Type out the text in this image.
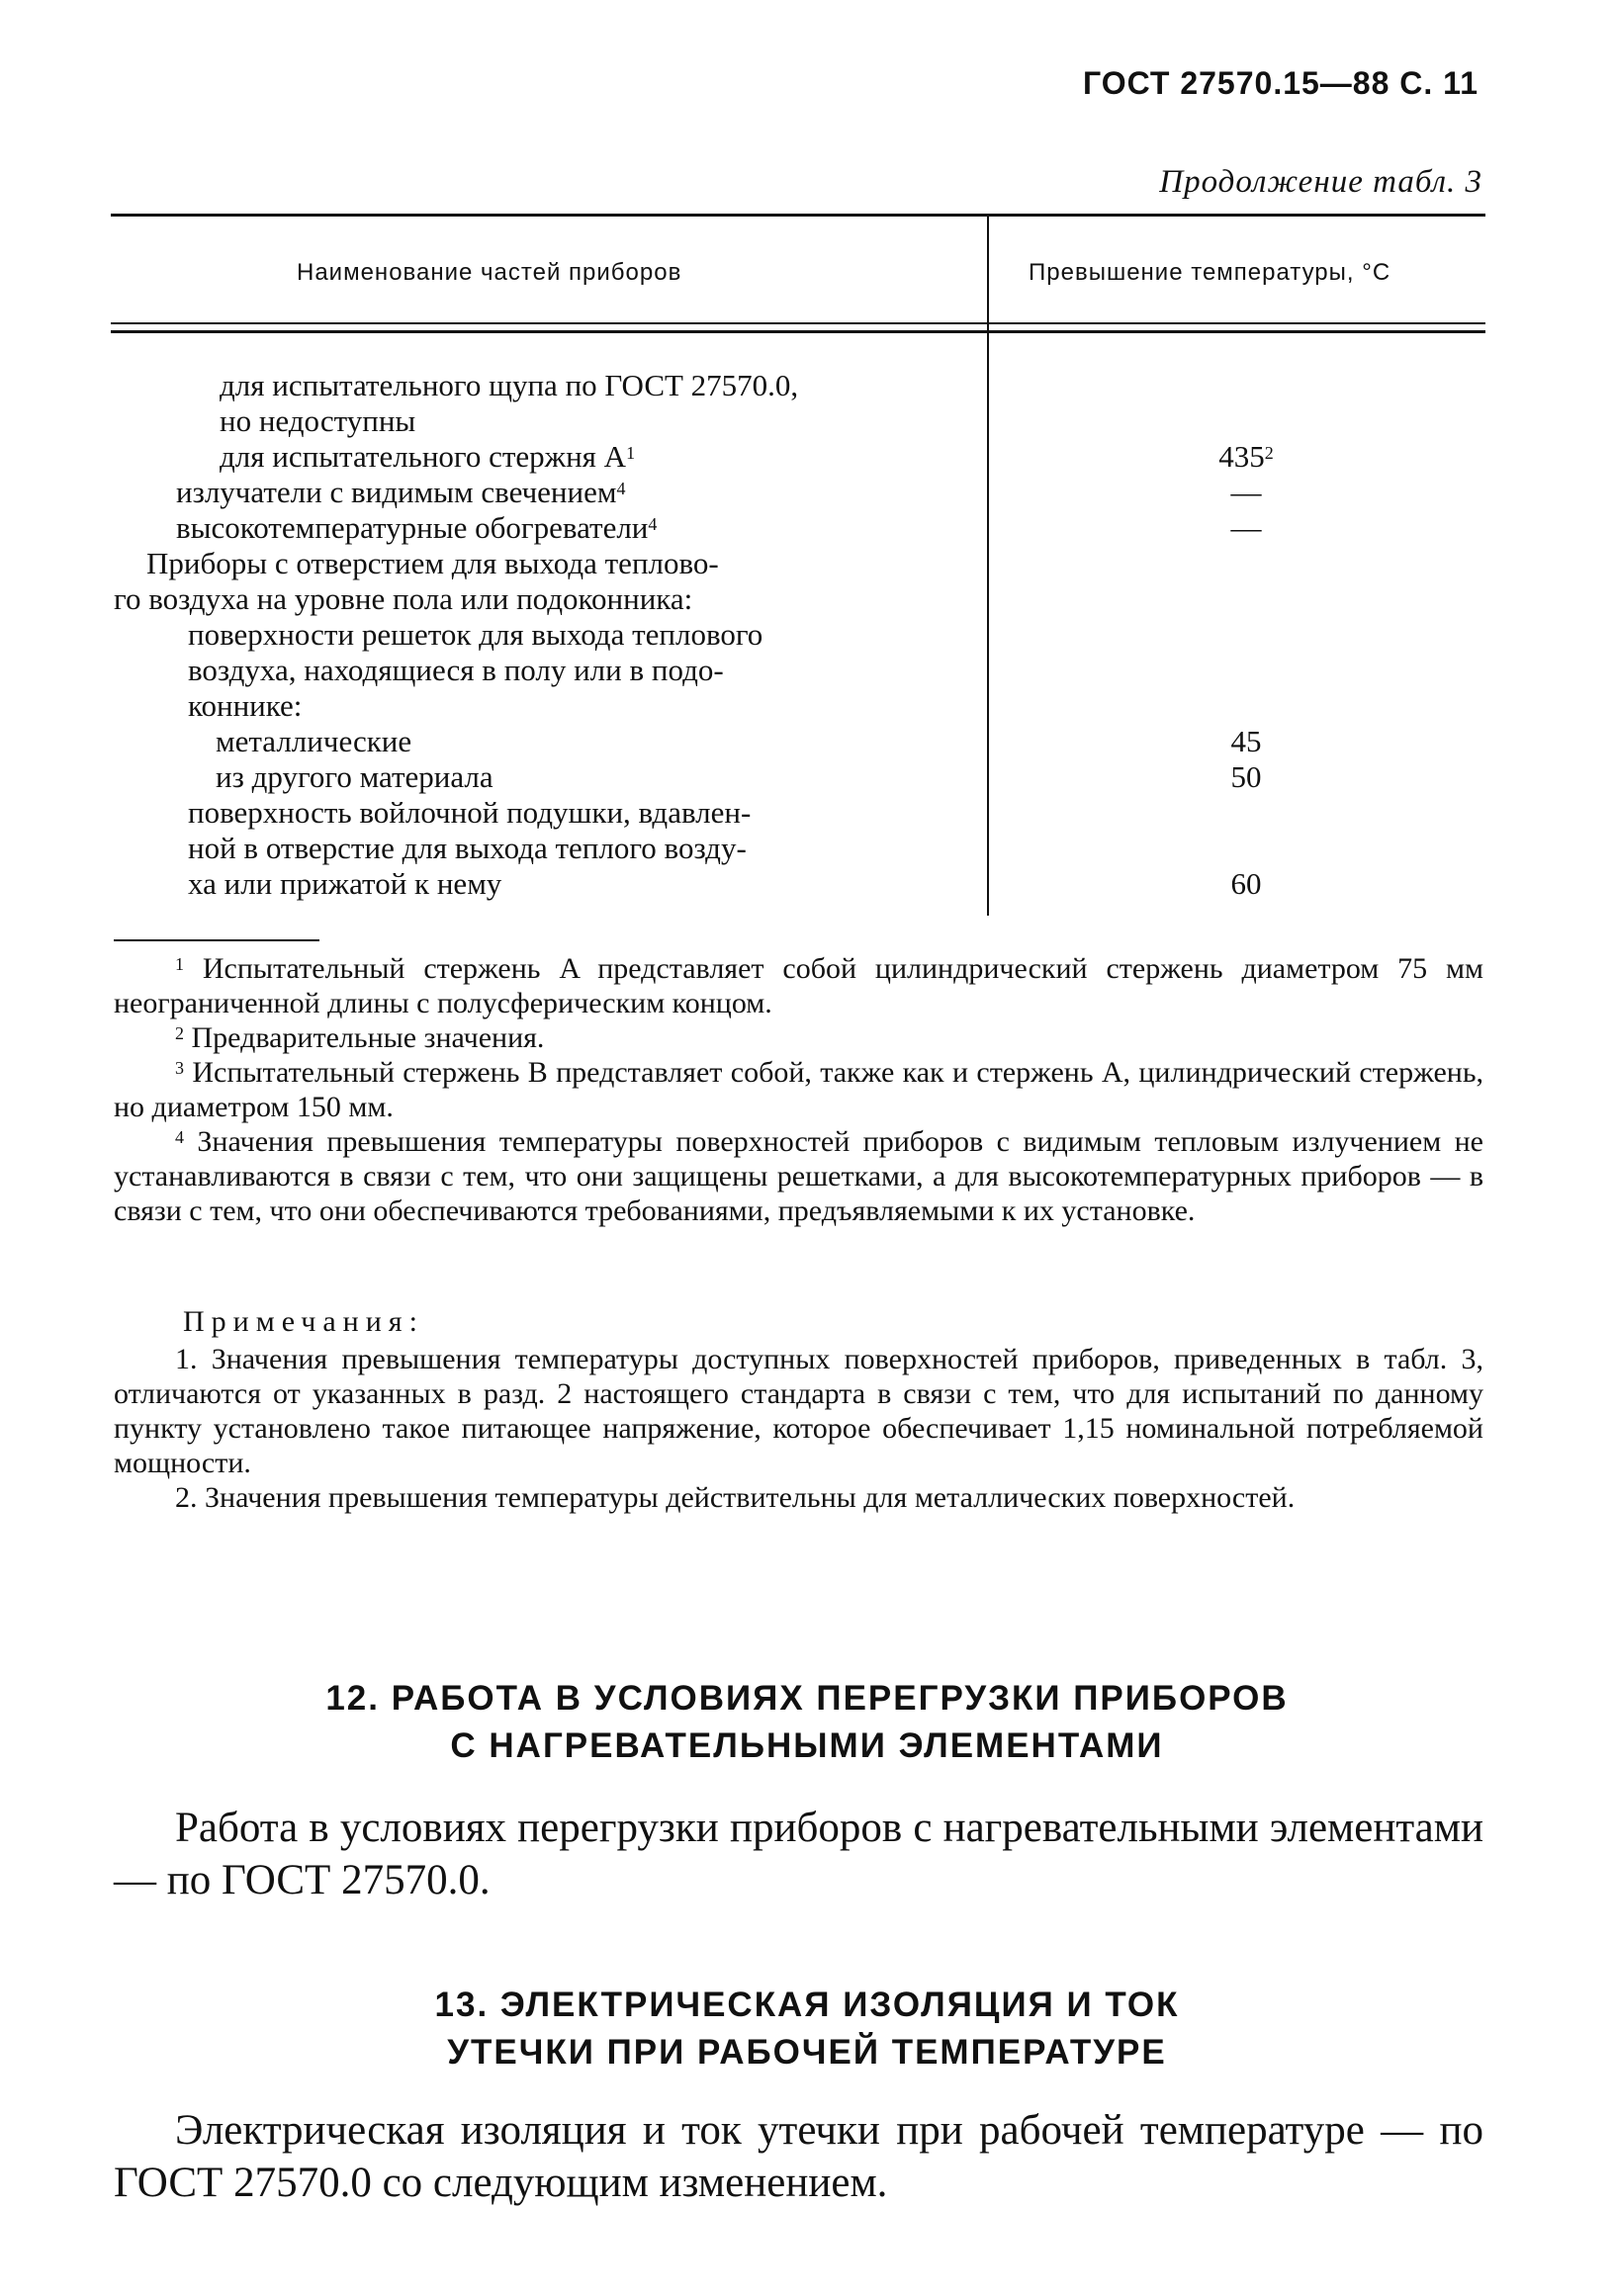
ГОСТ 27570.15—88 С. 11
Продолжение табл. 3
Наименование частей приборов	Превышение температуры, °С
для испытательного щупа по ГОСТ 27570.0,
но недоступны
для испытательного стержня $A^1$
излучатели с видимым свечением$^4$
высокотемпературные обогреватели$^4$
Приборы с отверстием для выхода теплово-
го воздуха на уровне пола или подоконника:
поверхности решеток для выхода теплового
воздуха, находящиеся в полу или в подо-
коннике:
металлические
из другого материала
поверхность войлочной подушки, вдавлен-
ной в отверстие для выхода теплого возду-
ха или прижатой к нему
$435^2$
—
—
45
50
60

$^1$ Испытательный стержень A представляет собой цилиндрический стержень диаметром 75 мм неограниченной длины с полусферическим концом.

$^2$ Предварительные значения.

$^3$ Испытательный стержень B представляет собой, также как и стержень A, цилиндрический стержень, но диаметром 150 мм.

$^4$ Значения превышения температуры поверхностей приборов с видимым тепловым излучением не устанавливаются в связи с тем, что они защищены решетками, а для высокотемпературных приборов — в связи с тем, что они обеспечиваются требованиями, предъявляемыми к их установке.

Примечания:

1. Значения превышения температуры доступных поверхностей приборов, приведенных в табл. 3, отличаются от указанных в разд. 2 настоящего стандарта в связи с тем, что для испытаний по данному пункту установлено такое питающее напряжение, которое обеспечивает 1,15 номинальной потребляемой мощности.

2. Значения превышения температуры действительны для металлических поверхностей.

12. РАБОТА В УСЛОВИЯХ ПЕРЕГРУЗКИ ПРИБОРОВ
С НАГРЕВАТЕЛЬНЫМИ ЭЛЕМЕНТАМИ

Работа в условиях перегрузки приборов с нагревательными элементами — по ГОСТ 27570.0.

13. ЭЛЕКТРИЧЕСКАЯ ИЗОЛЯЦИЯ И ТОК
УТЕЧКИ ПРИ РАБОЧЕЙ ТЕМПЕРАТУРЕ

Электрическая изоляция и ток утечки при рабочей температуре — по ГОСТ 27570.0 со следующим изменением.
